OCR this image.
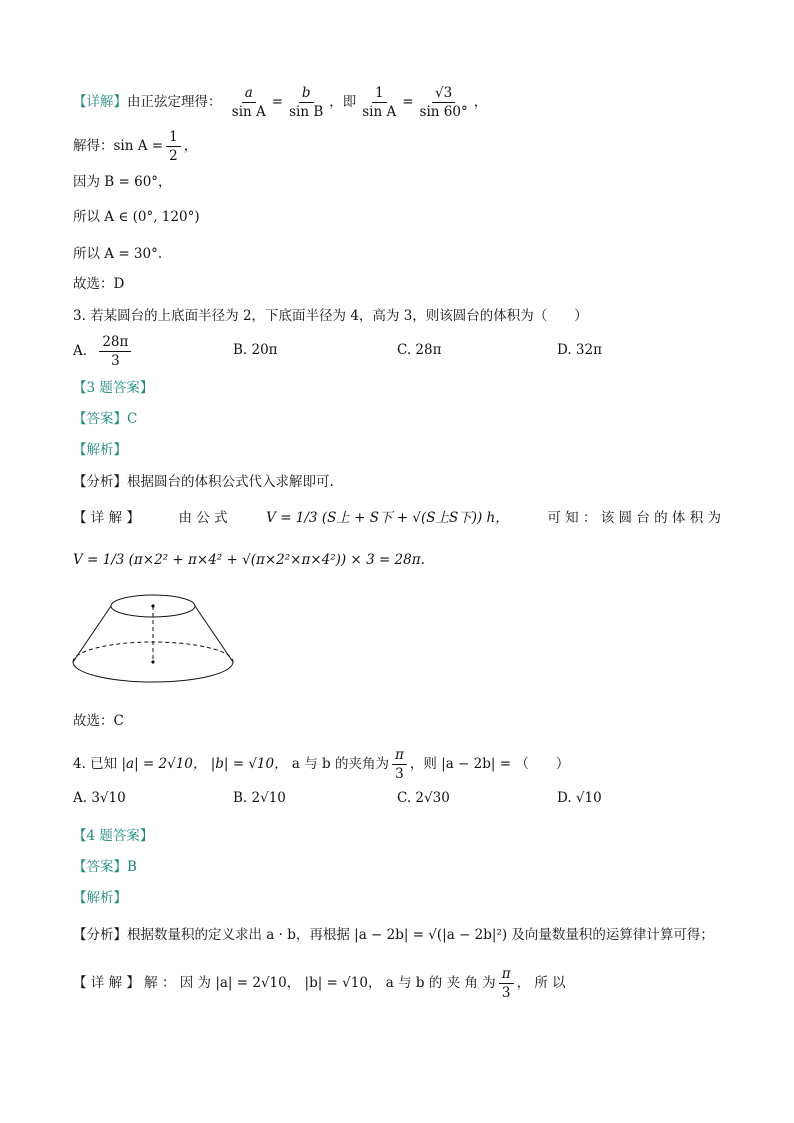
【详解】由正弦定理得： $\frac{a}{\text{sin A}} = \frac{b}{\text{sin B}}$ ，即 $\frac{1}{\text{sin A}} = \frac{√3}{\sin 60^\circ}$ ，
解得：$\sin A = \frac{1}{2}$ ，
因为 B = 60°，
所以 A ∈ (0°, 120°)
所以 A = 30°.
故选：D
3. 若某圆台的上底面半径为 2，下底面半径为 4，高为 3，则该圆台的体积为（　　）
A. $\frac{28\pi}{3}$	B. 20π	C. 28π	D. 32π
【3 题答案】
【答案】C
【解析】
【分析】根据圆台的体积公式代入求解即可.
【 详 解 】	由 公 式	V = 1/3 (S上 + S下 + √(S上S下)) h，	可 知 ： 该 圆 台 的 体 积 为
V = 1/3 (π×2² + π×4² + √(π×2²×π×4²)) × 3 = 28π.
故选：C
4. 已知 |a| = 2√10， |b| = √10， a 与 b 的夹角为 $\frac{\pi}{3}$ ，则 |a − 2b| = （　　）
A. 3√10	B. 2√10	C. 2√30	D. √10
【4 题答案】
【答案】B
【解析】
【分析】根据数量积的定义求出 a · b，再根据 |a − 2b| = √(|a − 2b|²) 及向量数量积的运算律计算可得；
【 详 解 】 解 ： 因 为 |a| = 2√10， |b| = √10， a 与 b 的 夹 角 为 $\frac{\pi}{3}$ ， 所 以
